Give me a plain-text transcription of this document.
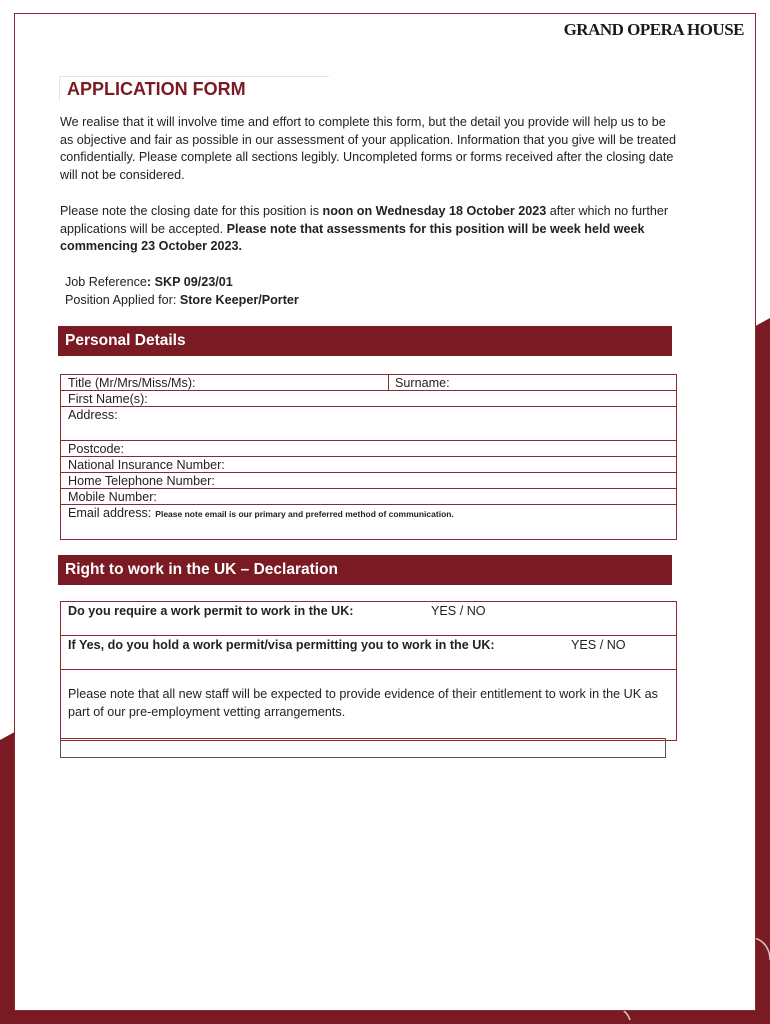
GRAND OPERA HOUSE
APPLICATION FORM

We realise that it will involve time and effort to complete this form, but the detail you provide will help us to be as objective and fair as possible in our assessment of your application. Information that you give will be treated confidentially. Please complete all sections legibly. Uncompleted forms or forms received after the closing date will not be considered.

Please note the closing date for this position is noon on Wednesday 18 October 2023 after which no further applications will be accepted. Please note that assessments for this position will be week held week commencing 23 October 2023.
Job Reference: SKP 09/23/01
Position Applied for: Store Keeper/Porter
Personal Details
Title (Mr/Mrs/Miss/Ms):	Surname:
First Name(s):
Address:
Postcode:
National Insurance Number:
Home Telephone Number:
Mobile Number:
Email address: Please note email is our primary and preferred method of communication.
Right to work in the UK – Declaration
Do you require a work permit to work in the UK:	YES / NO
If Yes, do you hold a work permit/visa permitting you to work in the UK:	YES / NO
Please note that all new staff will be expected to provide evidence of their entitlement to work in the UK as part of our pre-employment vetting arrangements.
